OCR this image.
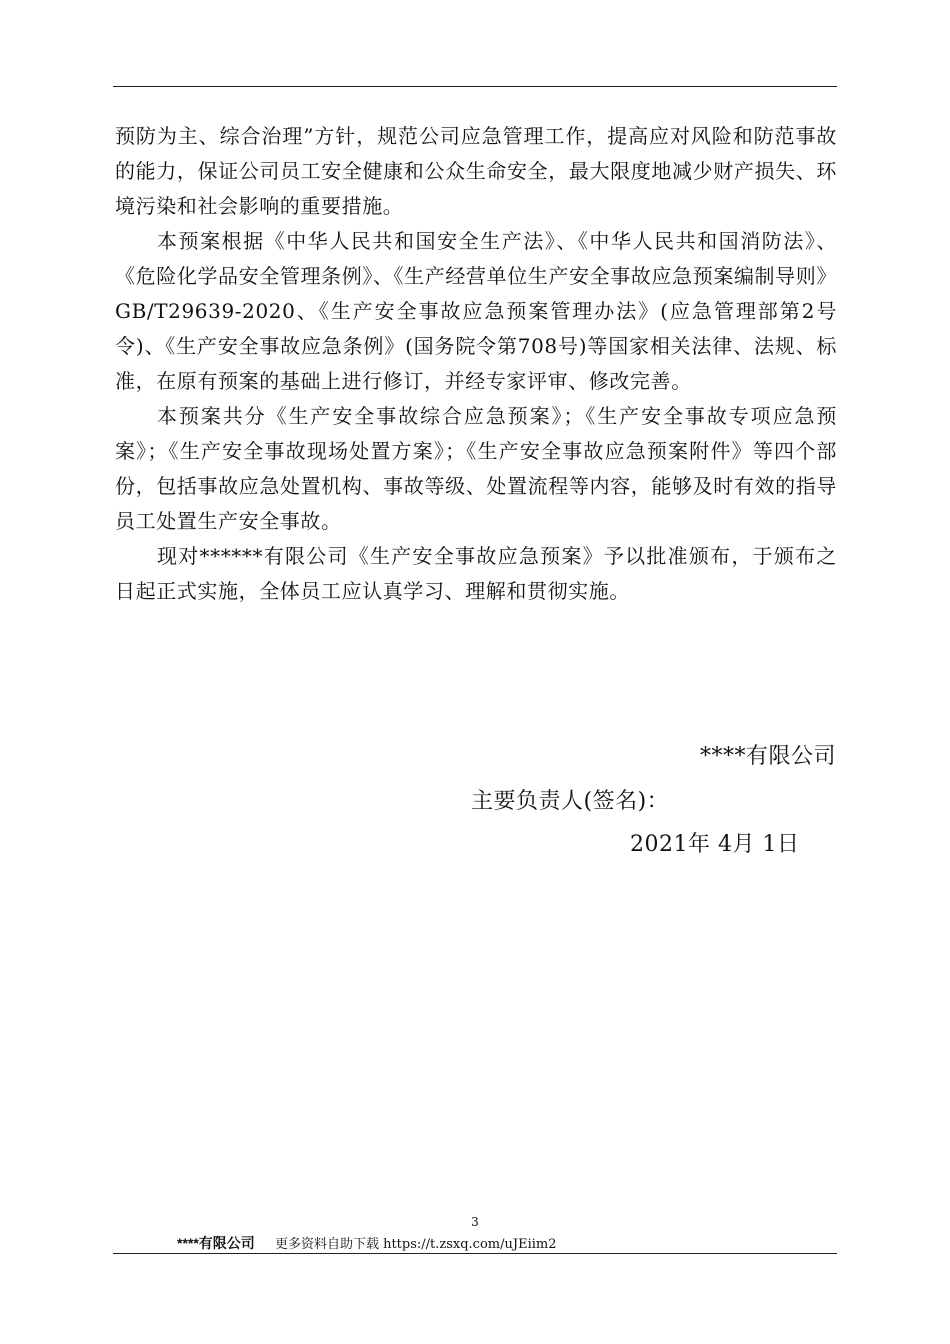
预防为主、综合治理”方针，规范公司应急管理工作，提高应对风险和防范事故的能力，保证公司员工安全健康和公众生命安全，最大限度地减少财产损失、环境污染和社会影响的重要措施。

本预案根据《中华人民共和国安全生产法》、《中华人民共和国消防法》、《危险化学品安全管理条例》、《生产经营单位生产安全事故应急预案编制导则》GB/T29639-2020、《生产安全事故应急预案管理办法》(应急管理部第2号令)、《生产安全事故应急条例》(国务院令第708号)等国家相关法律、法规、标准，在原有预案的基础上进行修订，并经专家评审、修改完善。

本预案共分《生产安全事故综合应急预案》；《生产安全事故专项应急预案》；《生产安全事故现场处置方案》；《生产安全事故应急预案附件》等四个部份，包括事故应急处置机构、事故等级、处置流程等内容，能够及时有效的指导员工处置生产安全事故。

现对******有限公司《生产安全事故应急预案》予以批准颁布，于颁布之日起正式实施，全体员工应认真学习、理解和贯彻实施。

****有限公司
主要负责人(签名)：
2021年 4月 1日
3
****有限公司 更多资料自助下载 https://t.zsxq.com/uJEiim2
